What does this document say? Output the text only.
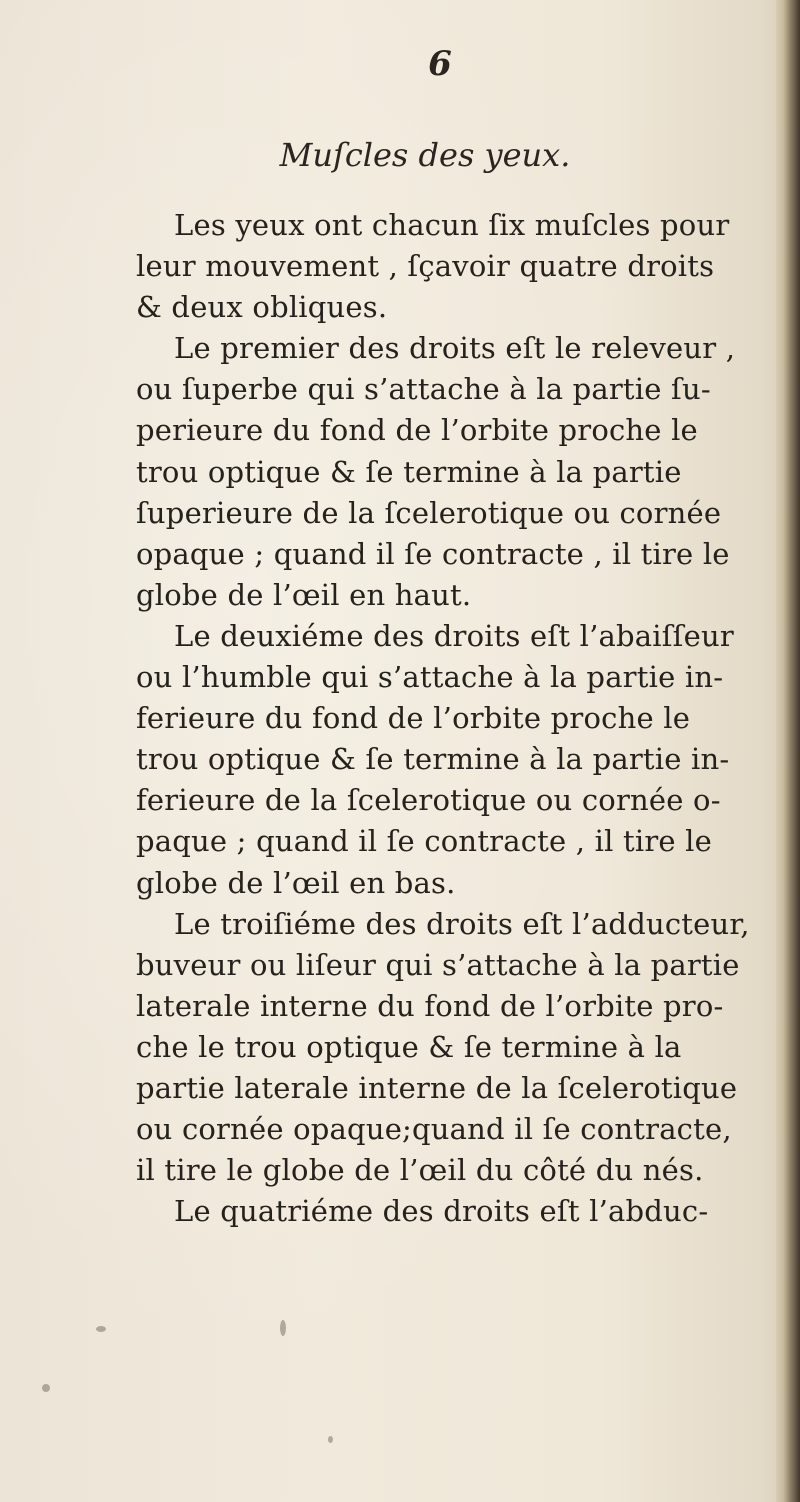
6
Muſcles des yeux.
Les yeux ont chacun ſix muſcles pour
leur mouvement , ſçavoir quatre droits
& deux obliques.
Le premier des droits eſt le releveur ,
ou ſuperbe qui s’attache à la partie ſu-
perieure du fond de l’orbite proche le
trou optique & ſe termine à la partie
ſuperieure de la ſcelerotique ou cornée
opaque ; quand il ſe contracte , il tire le
globe de l’œil en haut.
Le deuxiéme des droits eſt l’abaiſſeur
ou l’humble qui s’attache à la partie in-
ferieure du fond de l’orbite proche le
trou optique & ſe termine à la partie in-
ferieure de la ſcelerotique ou cornée o-
paque ; quand il ſe contracte , il tire le
globe de l’œil en bas.
Le troiſiéme des droits eſt l’adducteur,
buveur ou liſeur qui s’attache à la partie
laterale interne du fond de l’orbite pro-
che le trou optique & ſe termine à la
partie laterale interne de la ſcelerotique
ou cornée opaque;quand il ſe contracte,
il tire le globe de l’œil du côté du nés.
Le quatriéme des droits eſt l’abduc-
